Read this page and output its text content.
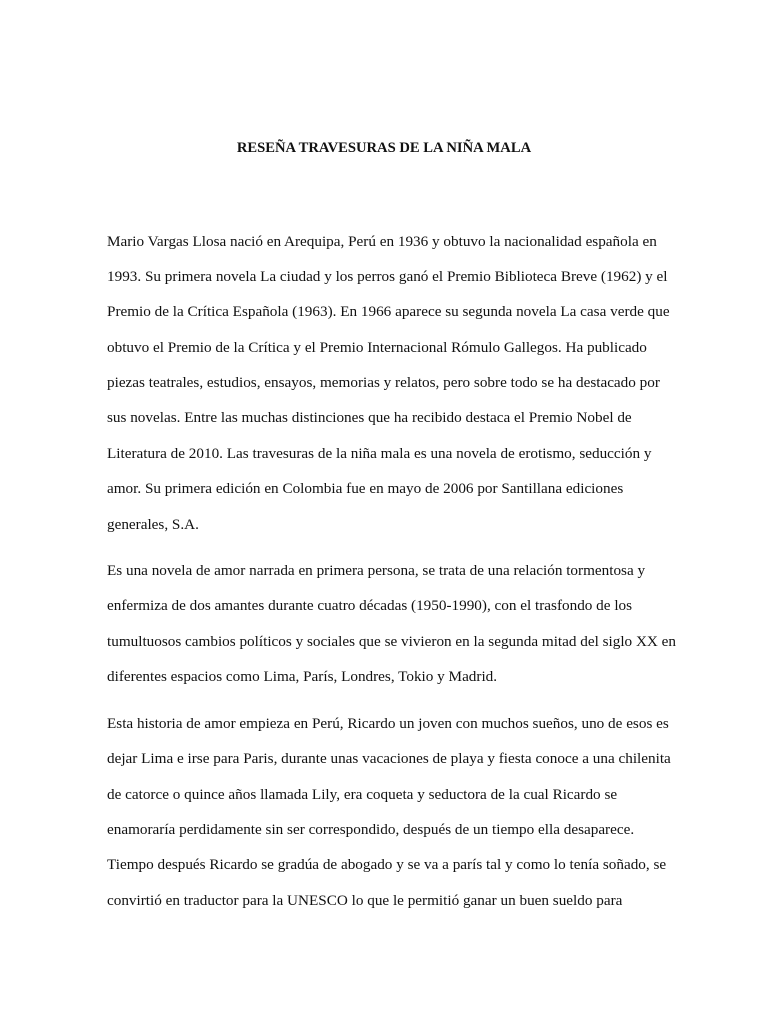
RESEÑA TRAVESURAS DE LA NIÑA MALA
Mario Vargas Llosa nació en Arequipa, Perú en 1936 y obtuvo la nacionalidad española en
1993. Su primera novela La ciudad y los perros ganó el Premio Biblioteca Breve (1962) y el
Premio de la Crítica Española (1963). En 1966 aparece su segunda novela La casa verde que
obtuvo el Premio de la Crítica y el Premio Internacional Rómulo Gallegos. Ha publicado
piezas teatrales, estudios, ensayos, memorias y relatos, pero sobre todo se ha destacado por
sus novelas. Entre las muchas distinciones que ha recibido destaca el Premio Nobel de
Literatura de 2010. Las travesuras de la niña mala es una novela de erotismo, seducción y
amor. Su primera edición en Colombia fue en mayo de 2006 por Santillana ediciones
generales, S.A.
Es una novela de amor narrada en primera persona, se trata de una relación tormentosa y
enfermiza de dos amantes durante cuatro décadas (1950-1990), con el trasfondo de los
tumultuosos cambios políticos y sociales que se vivieron en la segunda mitad del siglo XX en
diferentes espacios como Lima, París, Londres, Tokio y Madrid.
Esta historia de amor empieza en Perú, Ricardo un joven con muchos sueños, uno de esos es
dejar Lima e irse para Paris, durante unas vacaciones de playa y fiesta conoce a una chilenita
de catorce o quince años llamada Lily, era coqueta y seductora de la cual Ricardo se
enamoraría perdidamente sin ser correspondido, después de un tiempo ella desaparece.
Tiempo después Ricardo se gradúa de abogado y se va a parís tal y como lo tenía soñado, se
convirtió en traductor para la UNESCO lo que le permitió ganar un buen sueldo para
